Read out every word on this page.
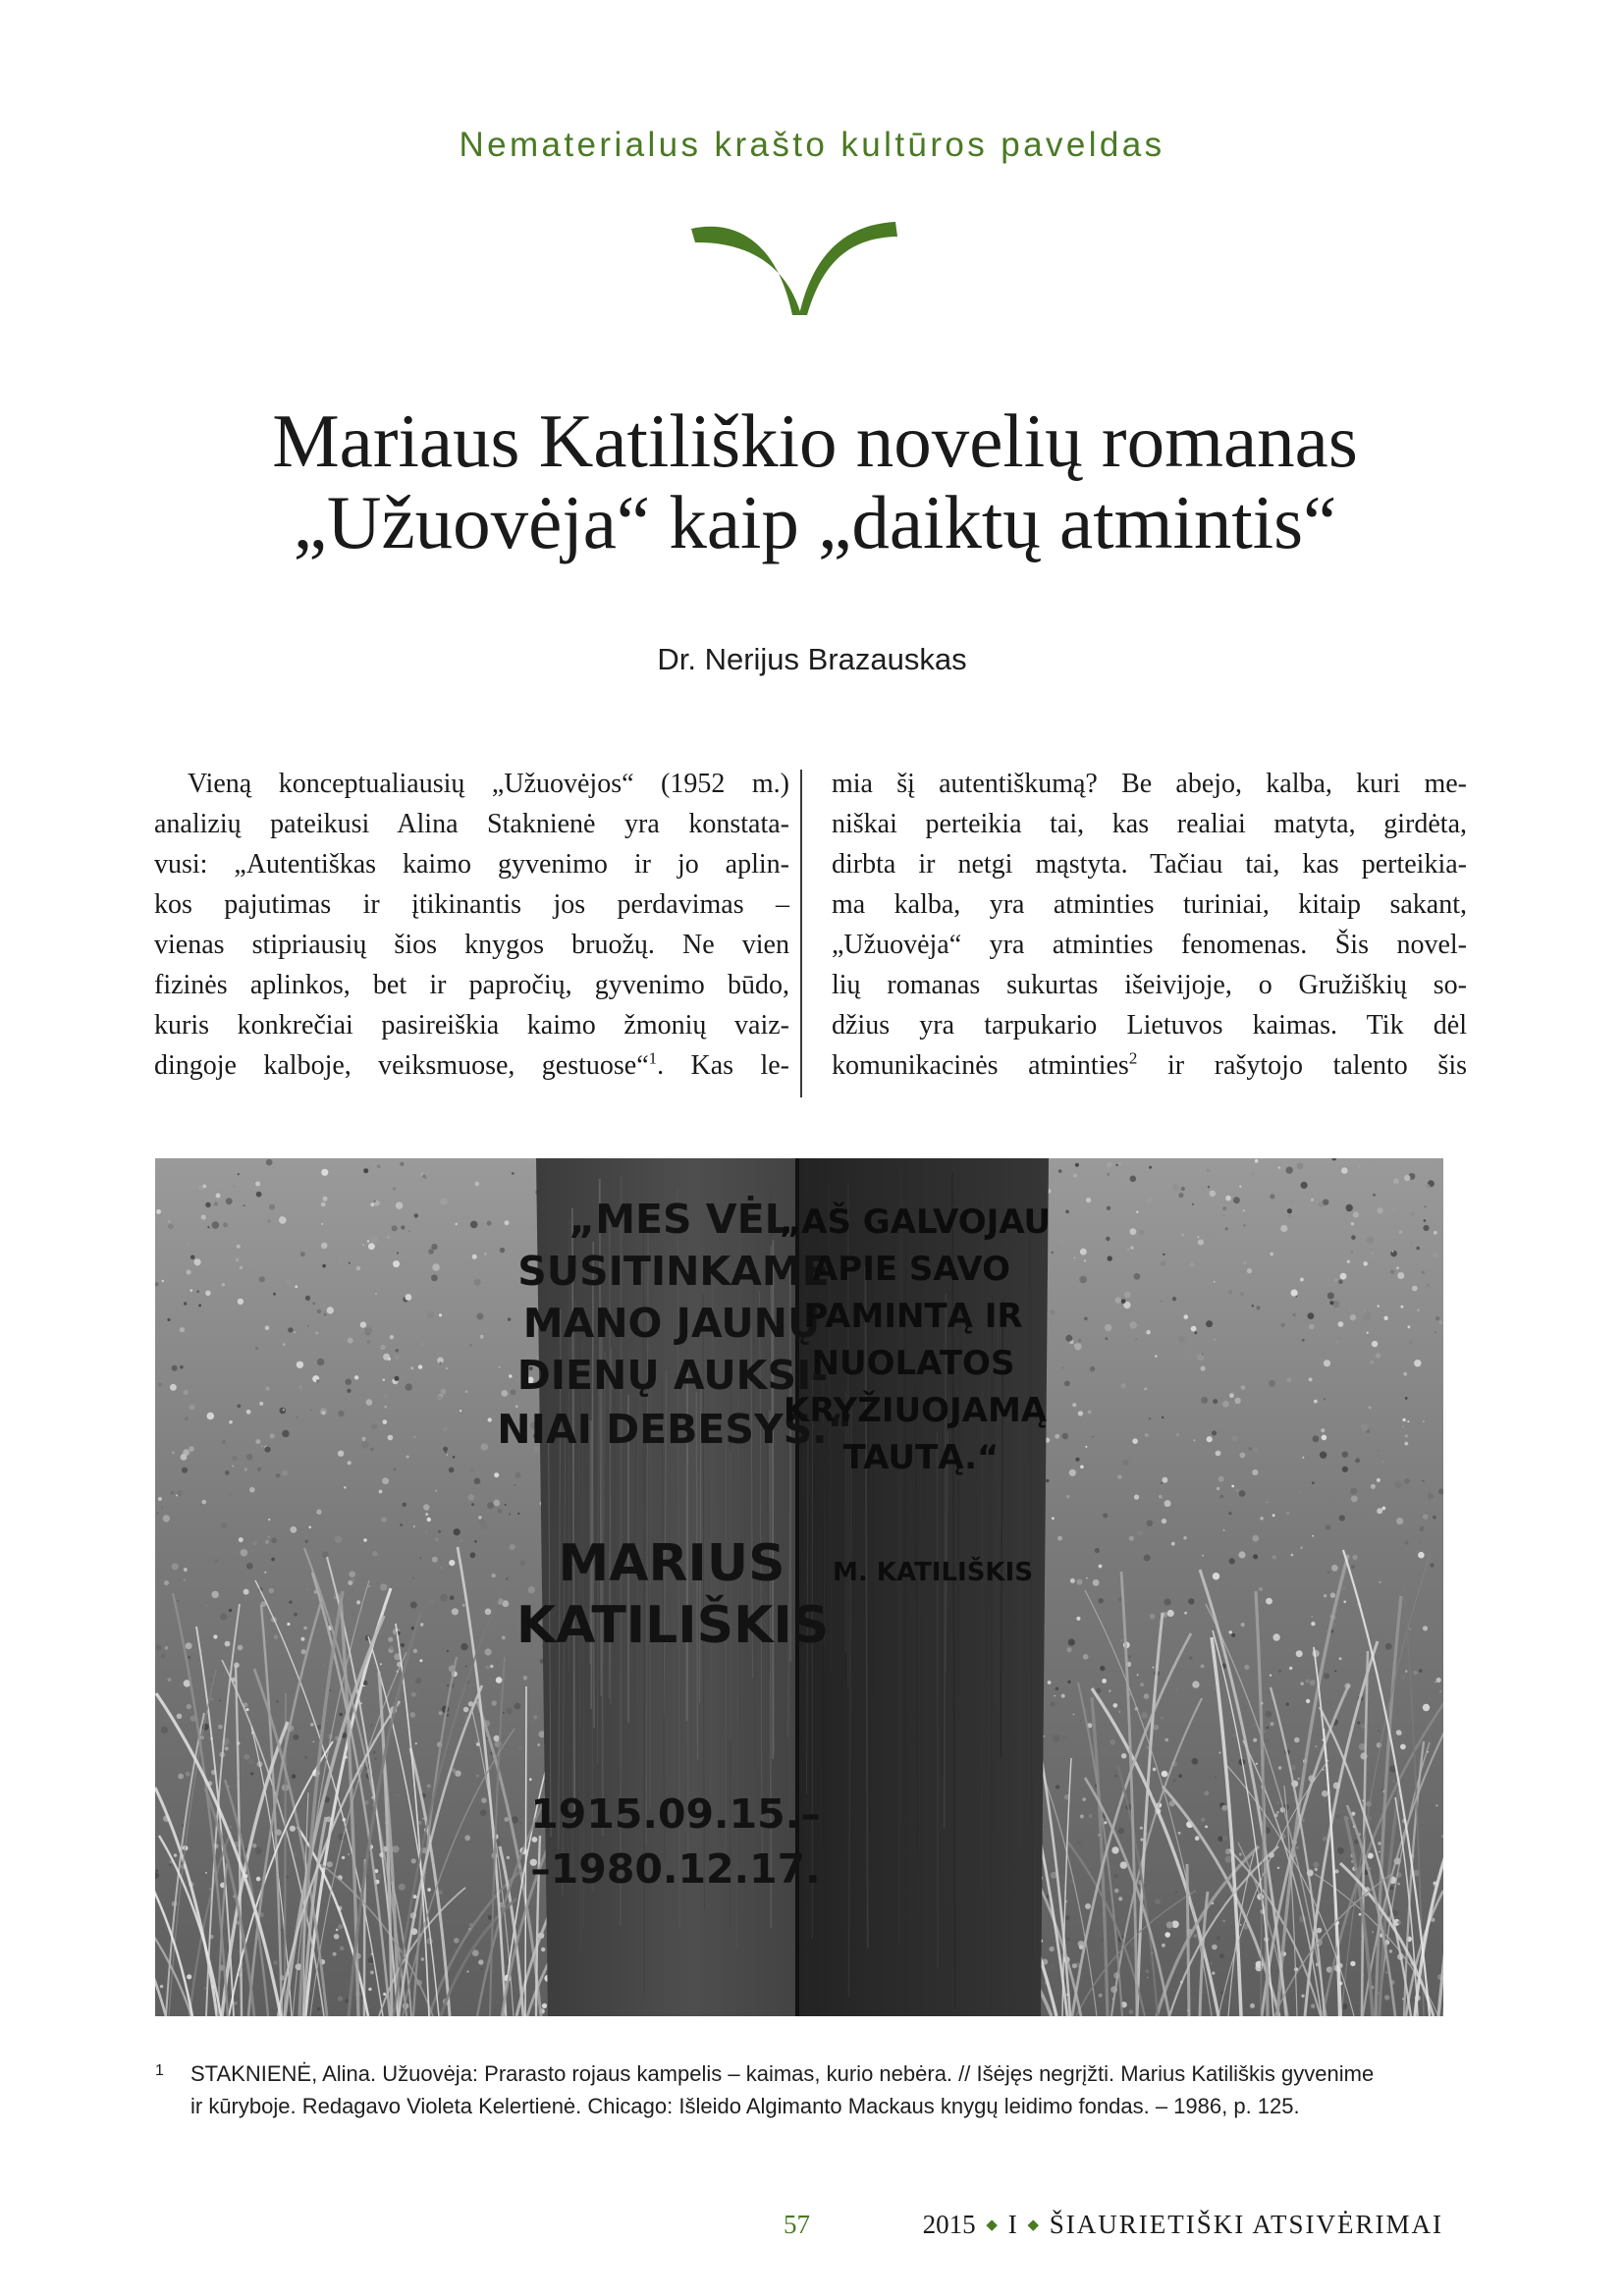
Nematerialus krašto kultūros paveldas
Mariaus Katiliškio novelių romanas
„Užuovėja“ kaip „daiktų atmintis“
Dr. Nerijus Brazauskas
Vieną konceptualiausių „Užuovėjos“ (1952 m.)
analizių pateikusi Alina Staknienė yra konstata-
vusi: „Autentiškas kaimo gyvenimo ir jo aplin-
kos pajutimas ir įtikinantis jos perdavimas –
vienas stipriausių šios knygos bruožų. Ne vien
fizinės aplinkos, bet ir papročių, gyvenimo būdo,
kuris konkrečiai pasireiškia kaimo žmonių vaiz-
dingoje kalboje, veiksmuose, gestuose“$^1$. Kas le-
mia šį autentiškumą? Be abejo, kalba, kuri me-
niškai perteikia tai, kas realiai matyta, girdėta,
dirbta ir netgi mąstyta. Tačiau tai, kas perteikia-
ma kalba, yra atminties turiniai, kitaip sakant,
„Užuovėja“ yra atminties fenomenas. Šis novel-
lių romanas sukurtas išeivijoje, o Gružiškių so-
džius yra tarpukario Lietuvos kaimas. Tik dėl
komunikacinės atminties$^2$ ir rašytojo talento šis
„MES VĖL
SUSITINKAME
MANO JAUNŲ
DIENŲ AUKSI-
NIAI DEBESYS.“
MARIUS
KATILIŠKIS
1915.09.15.–
–1980.12.17.
„AŠ GALVOJAU
APIE SAVO
PAMINTĄ IR
NUOLATOS
KRYŽIUOJAMĄ
TAUTĄ.“
M. KATILIŠKIS
1 STAKNIENĖ, Alina. Užuovėja: Prarasto rojaus kampelis – kaimas, kurio nebėra. // Išėjęs negrįžti. Marius Katiliškis gyvenime
ir kūryboje. Redagavo Violeta Kelertienė. Chicago: Išleido Algimanto Mackaus knygų leidimo fondas. – 1986, p. 125.
57	2015 ◆ I ◆ ŠIAURIETIŠKI ATSIVĖRIMAI
